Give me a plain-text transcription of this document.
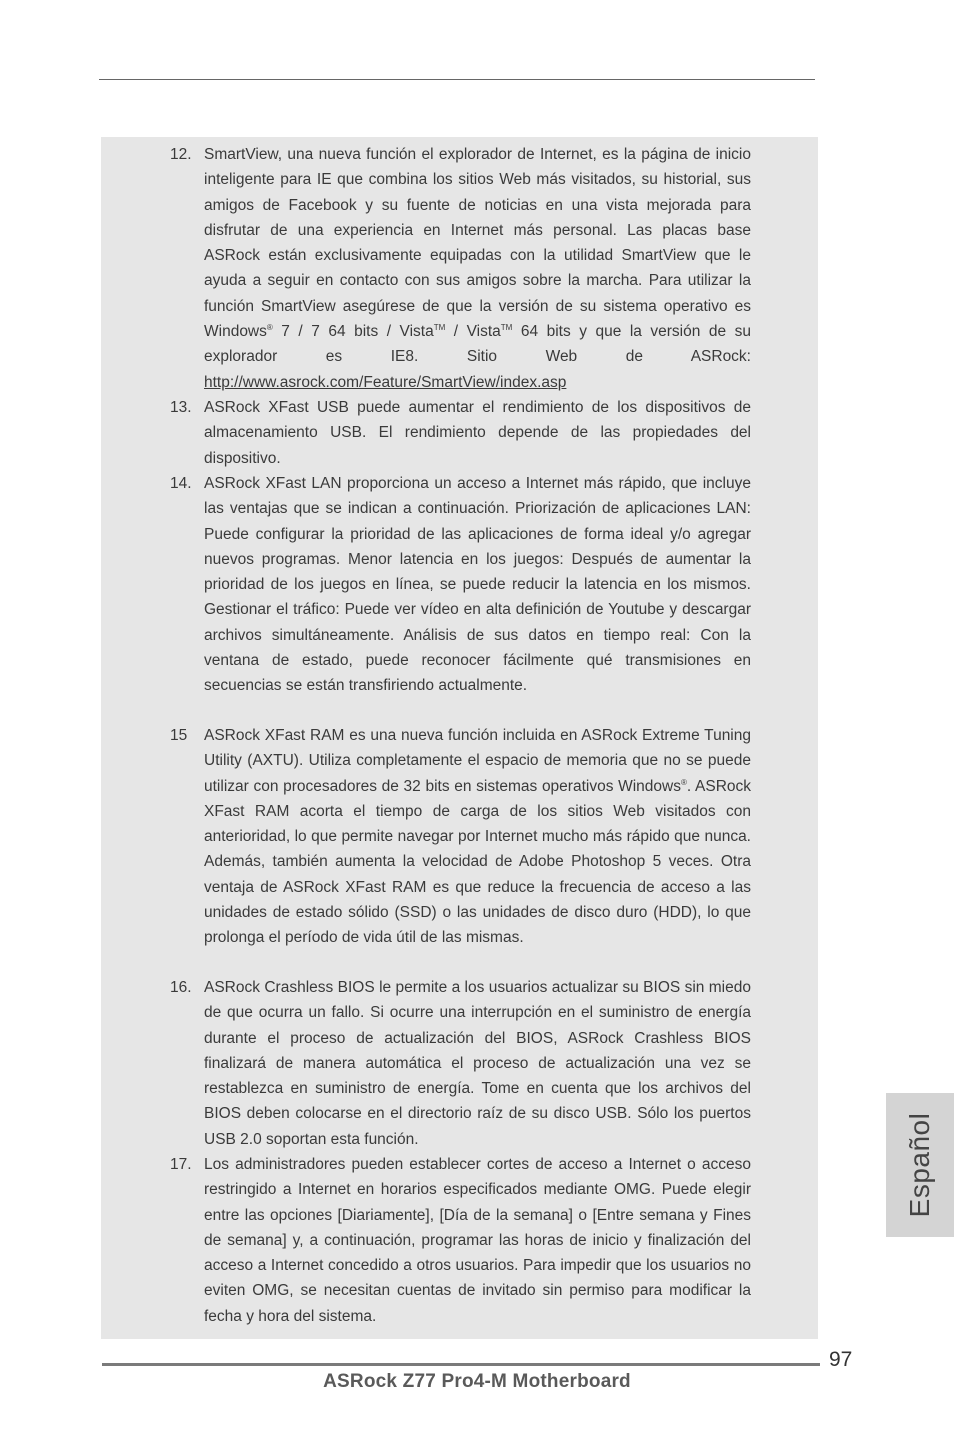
12. SmartView, una nueva función el explorador de Internet, es la página de inicio inteligente para IE que combina los sitios Web más visitados, su historial, sus amigos de Facebook y su fuente de noticias en una vista mejorada para disfrutar de una experiencia en Internet más personal. Las placas base ASRock están exclusivamente equipadas con la utilidad SmartView que le ayuda a seguir en contacto con sus amigos sobre la marcha. Para utilizar la función SmartView asegúrese de que la versión de su sistema operativo es Windows® 7 / 7 64 bits / Vista™ / Vista™ 64 bits y que la versión de su explorador es IE8. Sitio Web de ASRock: http://www.asrock.com/Feature/SmartView/index.asp
13. ASRock XFast USB puede aumentar el rendimiento de los dispositivos de almacenamiento USB. El rendimiento depende de las propiedades del dispositivo.
14. ASRock XFast LAN proporciona un acceso a Internet más rápido, que incluye las ventajas que se indican a continuación. Priorización de aplicaciones LAN: Puede configurar la prioridad de las aplicaciones de forma ideal y/o agregar nuevos programas. Menor latencia en los juegos: Después de aumentar la prioridad de los juegos en línea, se puede reducir la latencia en los mismos. Gestionar el tráfico: Puede ver vídeo en alta definición de Youtube y descargar archivos simultáneamente. Análisis de sus datos en tiempo real: Con la ventana de estado, puede reconocer fácilmente qué transmisiones en secuencias se están transfiriendo actualmente.
15	ASRock XFast RAM es una nueva función incluida en ASRock Extreme Tuning Utility (AXTU). Utiliza completamente el espacio de memoria que no se puede utilizar con procesadores de 32 bits en sistemas operativos Windows®. ASRock XFast RAM acorta el tiempo de carga de los sitios Web visitados con anterioridad, lo que permite navegar por Internet mucho más rápido que nunca. Además, también aumenta la velocidad de Adobe Photoshop 5 veces. Otra ventaja de ASRock XFast RAM es que reduce la frecuencia de acceso a las unidades de estado sólido (SSD) o las unidades de disco duro (HDD), lo que prolonga el período de vida útil de las mismas.
16. ASRock Crashless BIOS le permite a los usuarios actualizar su BIOS sin miedo de que ocurra un fallo. Si ocurre una interrupción en el suministro de energía durante el proceso de actualización del BIOS, ASRock Crashless BIOS finalizará de manera automática el proceso de actualización una vez se restablezca en suministro de energía. Tome en cuenta que los archivos del BIOS deben colocarse en el directorio raíz de su disco USB. Sólo los puertos USB 2.0 soportan esta función.
17. Los administradores pueden establecer cortes de acceso a Internet o acceso restringido a Internet en horarios especificados mediante OMG. Puede elegir entre las opciones [Diariamente], [Día de la semana] o [Entre semana y Fines de semana] y, a continuación, programar las horas de inicio y finalización del acceso a Internet concedido a otros usuarios. Para impedir que los usuarios no eviten OMG, se necesitan cuentas de invitado sin permiso para modificar la fecha y hora del sistema.
Español
97
ASRock Z77 Pro4-M Motherboard
